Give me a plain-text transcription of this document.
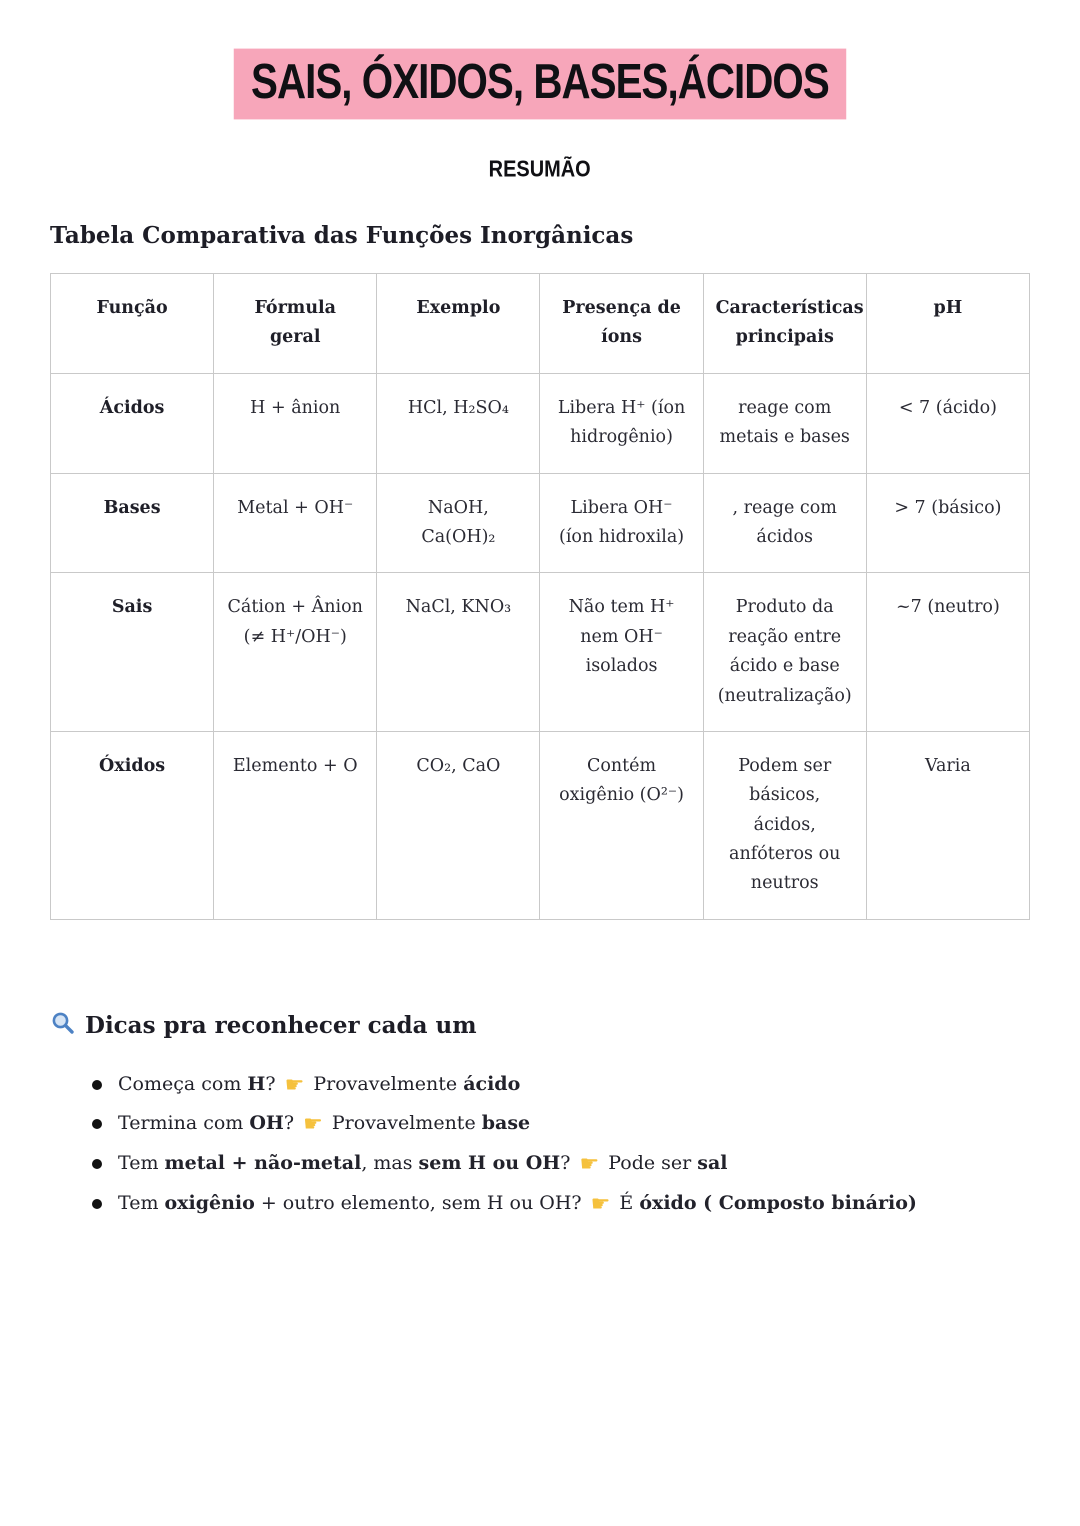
SAIS, ÓXIDOS, BASES,ÁCIDOS
RESUMÃO
Tabela Comparativa das Funções Inorgânicas
Função	Fórmula geral	Exemplo	Presença de íons	Características principais	pH
Ácidos	H + ânion	HCl, H₂SO₄	Libera H⁺ (íon hidrogênio)	reage com metais e bases	< 7 (ácido)
Bases	Metal + OH⁻	NaOH, Ca(OH)₂	Libera OH⁻ (íon hidroxila)	, reage com ácidos	> 7 (básico)
Sais	Cátion + Ânion (≠ H⁺/OH⁻)	NaCl, KNO₃	Não tem H⁺ nem OH⁻ isolados	Produto da reação entre ácido e base (neutralização)	~7 (neutro)
Óxidos	Elemento + O	CO₂, CaO	Contém oxigênio (O²⁻)	Podem ser básicos, ácidos, anfóteros ou neutros	Varia
Dicas pra reconhecer cada um
Começa com H? ☛ Provavelmente ácido
Termina com OH? ☛ Provavelmente base
Tem metal + não-metal, mas sem H ou OH? ☛ Pode ser sal
Tem oxigênio + outro elemento, sem H ou OH? ☛ É óxido ( Composto binário)
